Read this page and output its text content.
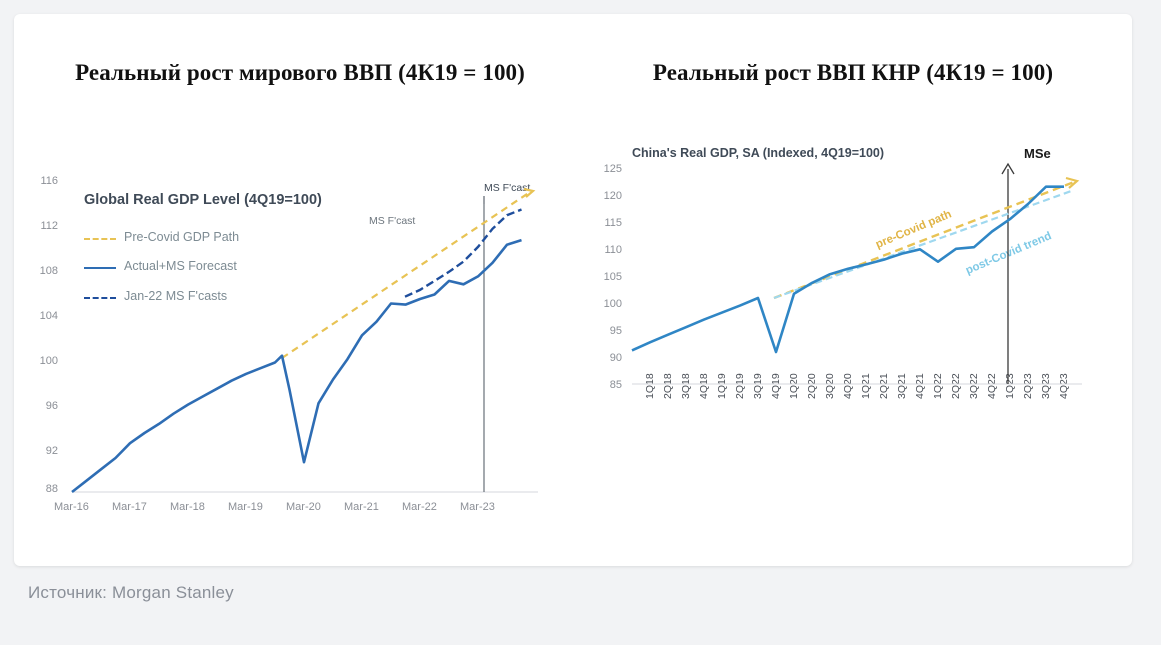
Реальный рост мирового ВВП (4К19 = 100)
Global Real GDP Level (4Q19=100)
116
112
108
104
100
96
92
88
Mar-16 Mar-17 Mar-18 Mar-19 Mar-20 Mar-21 Mar-22 Mar-23
Pre-Covid GDP Path
Actual+MS Forecast
Jan-22 MS F'casts
MS F'cast
MS F'cast
Реальный рост ВВП КНР (4К19 = 100)
China's Real GDP, SA (Indexed, 4Q19=100)
125
120
115
110
105
100
95
90
85 1Q18 2Q18 3Q18 4Q18 1Q19 2Q19 3Q19 4Q19 1Q20 2Q20 3Q20 4Q20 1Q21 2Q21 3Q21 4Q21 1Q22 2Q22 3Q22 4Q22 1Q23 2Q23 3Q23 4Q23
MSe
pre-Covid path
post-Covid trend
Источник: Morgan Stanley
